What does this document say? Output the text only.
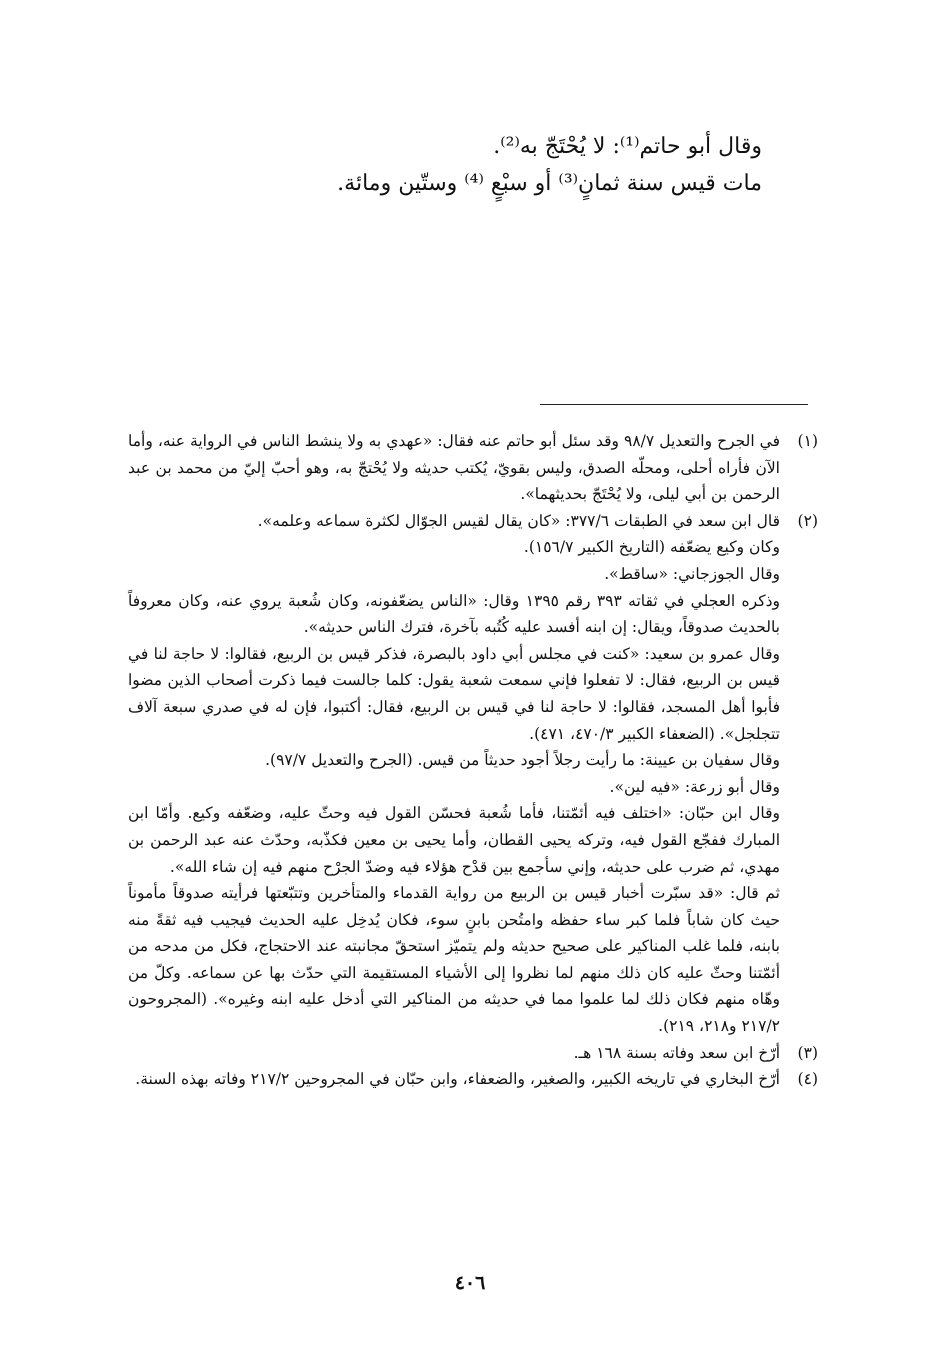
وقال أبو حاتم⁽¹⁾: لا يُحْتَجّ به⁽²⁾.

مات قيس سنة ثمانٍ⁽³⁾ أو سبْعٍ ⁽⁴⁾ وستّين ومائة.

(١)

في الجرح والتعديل ٩٨/٧ وقد سئل أبو حاتم عنه فقال: «عهدي به ولا ينشط الناس في الرواية عنه، وأما الآن فأراه أحلى، ومحلّه الصدق، وليس بقويّ، يُكتب حديثه ولا يُحْتجّ به، وهو أحبّ إليّ من محمد بن عبد الرحمن بن أبي ليلى، ولا يُحْتَجّ بحديثهما».

(٢)

قال ابن سعد في الطبقات ٣٧٧/٦: «كان يقال لقيس الجوّال لكثرة سماعه وعلمه».

وكان وكيع يضعّفه (التاريخ الكبير ١٥٦/٧).

وقال الجوزجاني: «ساقط».

وذكره العجلي في ثقاته ٣٩٣ رقم ١٣٩٥ وقال: «الناس يضعّفونه، وكان شُعبة يروي عنه، وكان معروفاً بالحديث صدوقاً، ويقال: إن ابنه أفسد عليه كُتُبه بآخرة، فترك الناس حديثه».

وقال عمرو بن سعيد: «كنت في مجلس أبي داود بالبصرة، فذكر قيس بن الربيع، فقالوا: لا حاجة لنا في قيس بن الربيع، فقال: لا تفعلوا فإني سمعت شعبة يقول: كلما جالست فيما ذكرت أصحاب الذين مضوا فأبوا أهل المسجد، فقالوا: لا حاجة لنا في قيس بن الربيع، فقال: أكتبوا، فإن له في صدري سبعة آلاف تتجلجل». (الضعفاء الكبير ٤٧٠/٣، ٤٧١).

وقال سفيان بن عيينة: ما رأيت رجلاً أجود حديثاً من قيس. (الجرح والتعديل ٩٧/٧).

وقال أبو زرعة: «فيه لين».

وقال ابن حبّان: «اختلف فيه أئمّتنا، فأما شُعبة فحسّن القول فيه وحثّ عليه، وضعّفه وكيع. وأمّا ابن المبارك ففجّع القول فيه، وتركه يحيى القطان، وأما يحيى بن معين فكذّبه، وحدّث عنه عبد الرحمن بن مهدي، ثم ضرب على حديثه، وإني سأجمع بين قدْح هؤلاء فيه وضدّ الجرْح منهم فيه إن شاء الله».

ثم قال: «قد سبّرت أخبار قيس بن الربيع من رواية القدماء والمتأخرين وتتبّعتها فرأيته صدوقاً مأموناً حيث كان شاباً فلما كبر ساء حفظه وامتُحن بابنٍ سوء، فكان يُدخِل عليه الحديث فيجيب فيه ثقةً منه بابنه، فلما غلب المناكير على صحيح حديثه ولم يتميّز استحقّ مجانبته عند الاحتجاج، فكل من مدحه من أئمّتنا وحثّ عليه كان ذلك منهم لما نظروا إلى الأشياء المستقيمة التي حدّث بها عن سماعه. وكلّ من وهّاه منهم فكان ذلك لما علموا مما في حديثه من المناكير التي أدخل عليه ابنه وغيره». (المجروحون ٢١٧/٢ و٢١٨، ٢١٩).

(٣)

أرّخ ابن سعد وفاته بسنة ١٦٨ هـ.

(٤)

أرّخ البخاري في تاريخه الكبير، والصغير، والضعفاء، وابن حبّان في المجروحين ٢١٧/٢ وفاته بهذه السنة.

٤٠٦
